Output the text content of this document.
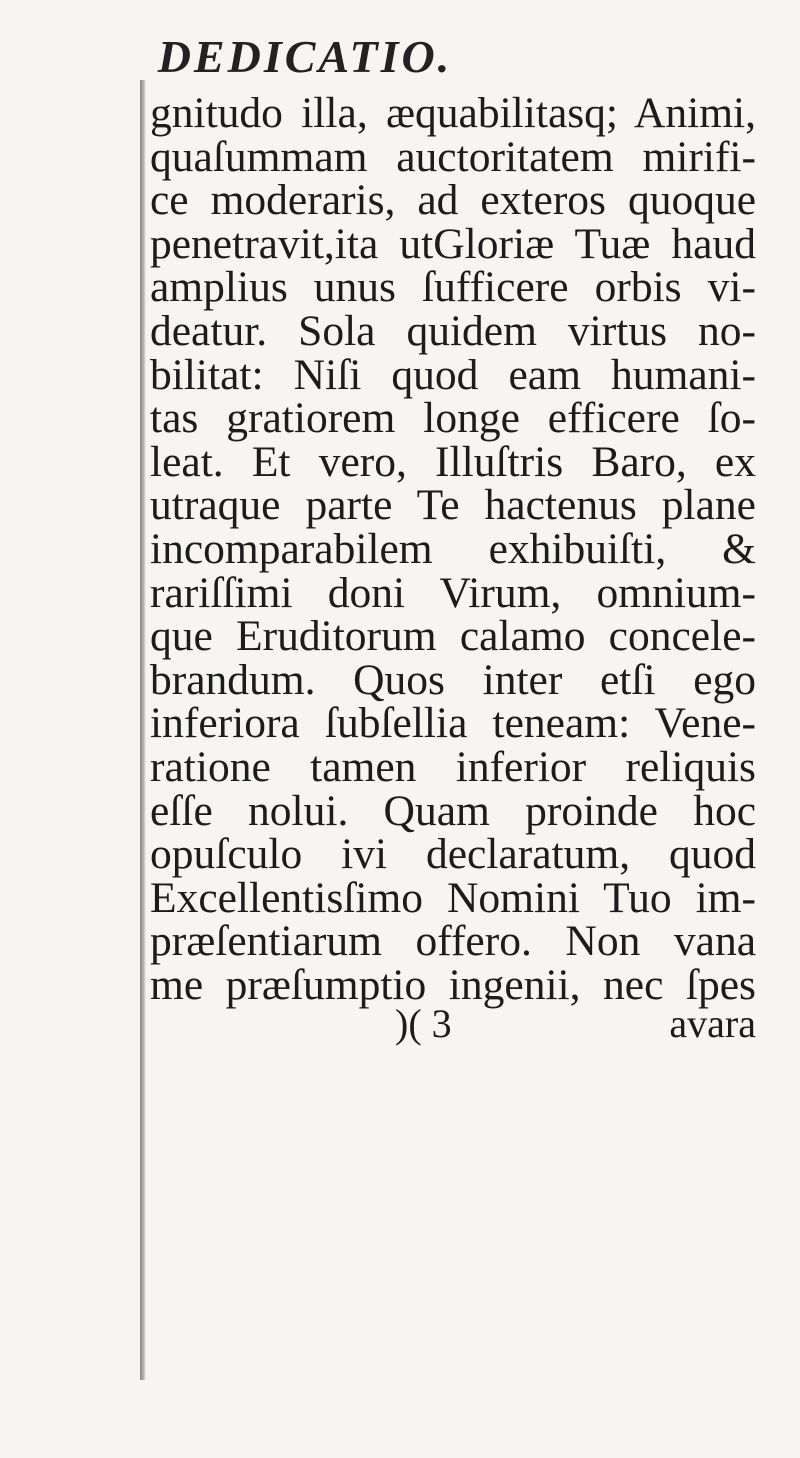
DEDICATIO.
gnitudo illa, æquabilitasq; Animi,
quaſummam auctoritatem mirifi-
ce moderaris, ad exteros quoque
penetravit,ita utGloriæ Tuæ haud
amplius unus ſufficere orbis vi-
deatur. Sola quidem virtus no-
bilitat: Niſi quod eam humani-
tas gratiorem longe efficere ſo-
leat. Et vero, Illuſtris Baro, ex
utraque parte Te hactenus plane
incomparabilem exhibuiſti, &
rariſſimi doni Virum, omnium-
que Eruditorum calamo concele-
brandum. Quos inter etſi ego
inferiora ſubſellia teneam: Vene-
ratione tamen inferior reliquis
eſſe nolui. Quam proinde hoc
opuſculo ivi declaratum, quod
Excellentisſimo Nomini Tuo im-
præſentiarum offero. Non vana
me præſumptio ingenii, nec ſpes
)( 3	avara
